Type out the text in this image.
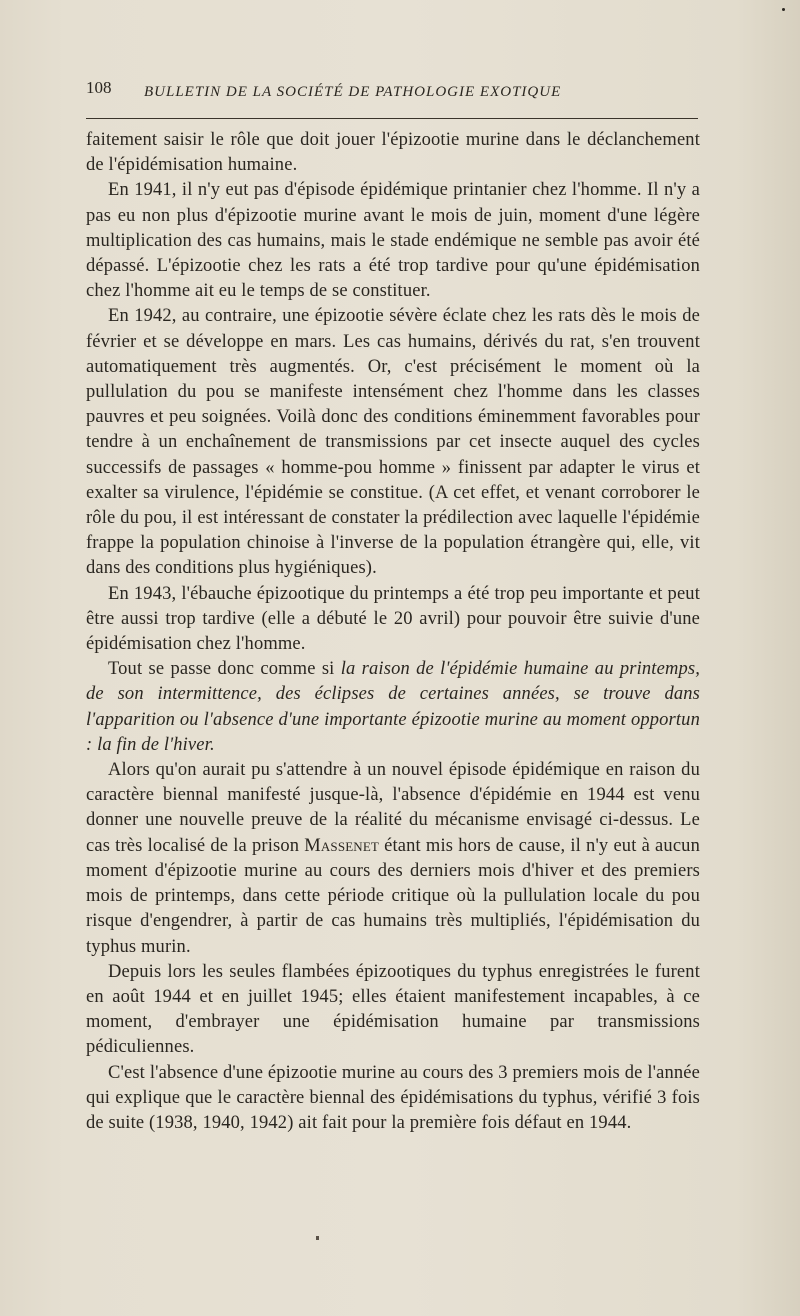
108 BULLETIN DE LA SOCIÉTÉ DE PATHOLOGIE EXOTIQUE

faitement saisir le rôle que doit jouer l'épizootie murine dans le déclanchement de l'épidémisation humaine.

En 1941, il n'y eut pas d'épisode épidémique printanier chez l'homme. Il n'y a pas eu non plus d'épizootie murine avant le mois de juin, moment d'une légère multiplication des cas humains, mais le stade endémique ne semble pas avoir été dépassé. L'épizootie chez les rats a été trop tardive pour qu'une épidémisation chez l'homme ait eu le temps de se constituer.

En 1942, au contraire, une épizootie sévère éclate chez les rats dès le mois de février et se développe en mars. Les cas humains, dérivés du rat, s'en trouvent automatiquement très augmentés. Or, c'est précisément le moment où la pullulation du pou se manifeste intensément chez l'homme dans les classes pauvres et peu soignées. Voilà donc des conditions éminemment favorables pour tendre à un enchaînement de transmissions par cet insecte auquel des cycles successifs de passages « homme-pou homme » finissent par adapter le virus et exalter sa virulence, l'épidémie se constitue. (A cet effet, et venant corroborer le rôle du pou, il est intéressant de constater la prédilection avec laquelle l'épidémie frappe la population chinoise à l'inverse de la population étrangère qui, elle, vit dans des conditions plus hygiéniques).

En 1943, l'ébauche épizootique du printemps a été trop peu importante et peut être aussi trop tardive (elle a débuté le 20 avril) pour pouvoir être suivie d'une épidémisation chez l'homme.

Tout se passe donc comme si la raison de l'épidémie humaine au printemps, de son intermittence, des éclipses de certaines années, se trouve dans l'apparition ou l'absence d'une importante épizootie murine au moment opportun : la fin de l'hiver.

Alors qu'on aurait pu s'attendre à un nouvel épisode épidémique en raison du caractère biennal manifesté jusque-là, l'absence d'épidémie en 1944 est venu donner une nouvelle preuve de la réalité du mécanisme envisagé ci-dessus. Le cas très localisé de la prison Massenet étant mis hors de cause, il n'y eut à aucun moment d'épizootie murine au cours des derniers mois d'hiver et des premiers mois de printemps, dans cette période critique où la pullulation locale du pou risque d'engendrer, à partir de cas humains très multipliés, l'épidémisation du typhus murin.

Depuis lors les seules flambées épizootiques du typhus enregistrées le furent en août 1944 et en juillet 1945; elles étaient manifestement incapables, à ce moment, d'embrayer une épidémisation humaine par transmissions pédiculiennes.

C'est l'absence d'une épizootie murine au cours des 3 premiers mois de l'année qui explique que le caractère biennal des épidémisations du typhus, vérifié 3 fois de suite (1938, 1940, 1942) ait fait pour la première fois défaut en 1944.
